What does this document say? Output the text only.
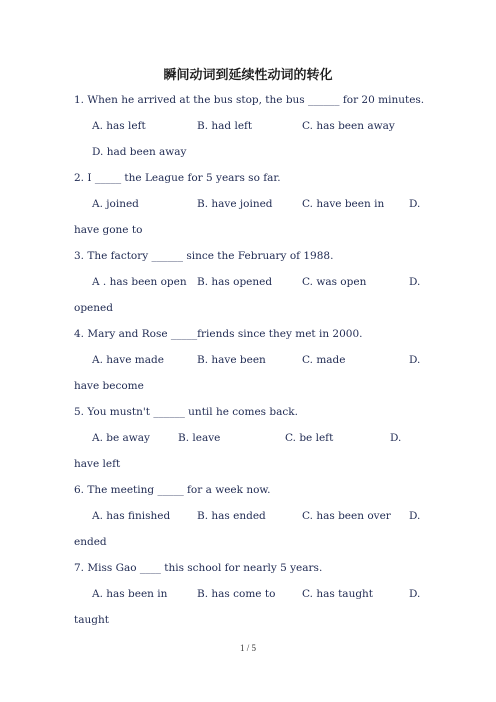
瞬间动词到延续性动词的转化
1. When he arrived at the bus stop, the bus ______ for 20 minutes.
A. has left	B. had left	C. has been away
D. had been away
2. I _____ the League for 5 years so far.
A. joined	B. have joined	C. have been in D.
have gone to
3. The factory ______ since the February of 1988.
A . has been open B. has opened	C. was open	D.
opened
4. Mary and Rose _____friends since they met in 2000.
A. have made	B. have been	C. made	D.
have become
5. You mustn't ______ until he comes back.
A. be away	B. leave	C. be left	D.
have left
6. The meeting _____ for a week now.
A. has finished	B. has ended	C. has been over D.
ended
7. Miss Gao ____ this school for nearly 5 years.
A. has been in	B. has come to	C. has taught	D.
taught
1 / 5
